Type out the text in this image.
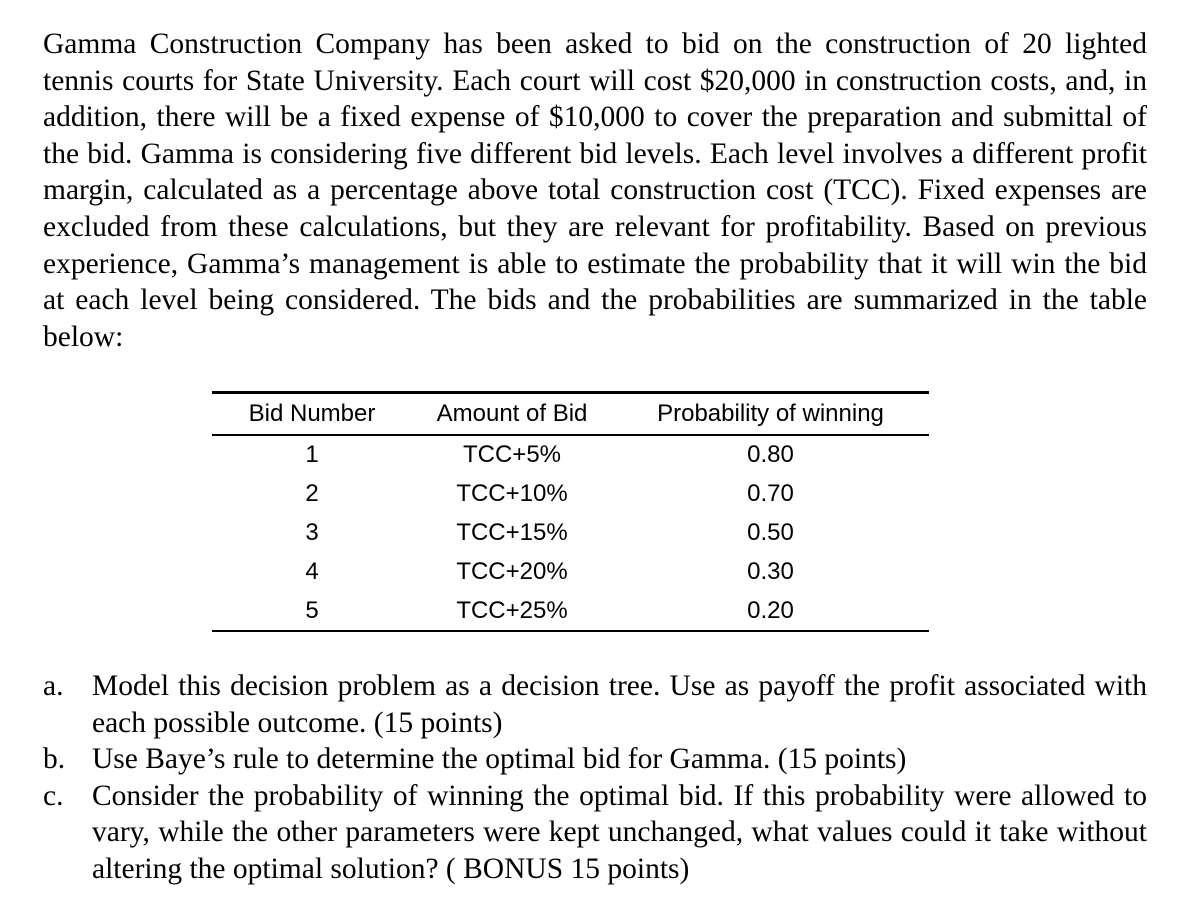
Gamma Construction Company has been asked to bid on the construction of 20 lighted tennis courts for State University. Each court will cost $20,000 in construction costs, and, in addition, there will be a fixed expense of $10,000 to cover the preparation and submittal of the bid. Gamma is considering five different bid levels. Each level involves a different profit margin, calculated as a percentage above total construction cost (TCC). Fixed expenses are excluded from these calculations, but they are relevant for profitability. Based on previous experience, Gamma’s management is able to estimate the probability that it will win the bid at each level being considered. The bids and the probabilities are summarized in the table below:

Bid Number	Amount of Bid	Probability of winning
1	TCC+5%	0.80
2	TCC+10%	0.70
3	TCC+15%	0.50
4	TCC+20%	0.30
5	TCC+25%	0.20
a. Model this decision problem as a decision tree. Use as payoff the profit associated with each possible outcome. (15 points)
b. Use Baye’s rule to determine the optimal bid for Gamma. (15 points)
c. Consider the probability of winning the optimal bid. If this probability were allowed to vary, while the other parameters were kept unchanged, what values could it take without altering the optimal solution? ( BONUS 15 points)
